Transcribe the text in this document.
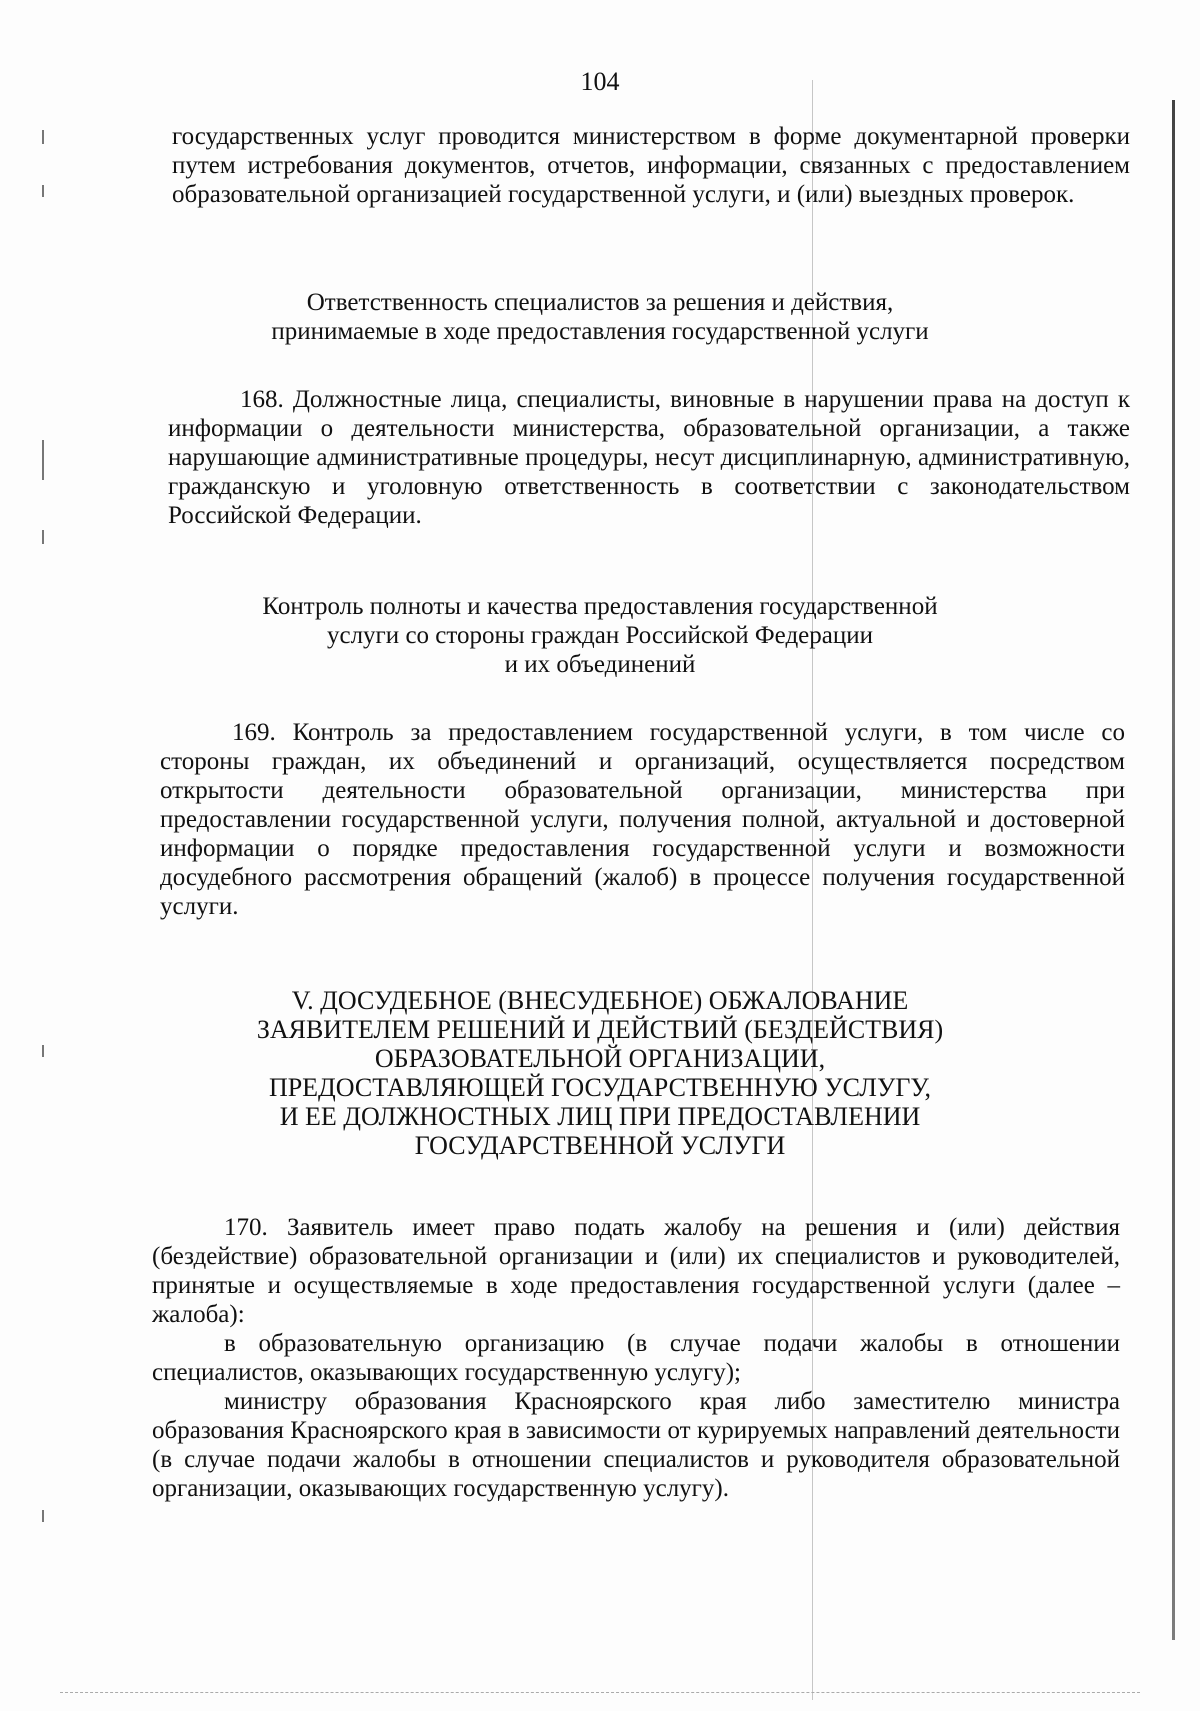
104

государственных услуг проводится министерством в форме документарной проверки путем истребования документов, отчетов, информации, связанных с предоставлением образовательной организацией государственной услуги, и (или) выездных проверок.

Ответственность специалистов за решения и действия,
принимаемые в ходе предоставления государственной услуги

168. Должностные лица, специалисты, виновные в нарушении права на доступ к информации о деятельности министерства, образовательной организации, а также нарушающие административные процедуры, несут дисциплинарную, административную, гражданскую и уголовную ответственность в соответствии с законодательством Российской Федерации.

Контроль полноты и качества предоставления государственной
услуги со стороны граждан Российской Федерации
и их объединений

169. Контроль за предоставлением государственной услуги, в том числе со стороны граждан, их объединений и организаций, осуществляется посредством открытости деятельности образовательной организации, министерства при предоставлении государственной услуги, получения полной, актуальной и достоверной информации о порядке предоставления государственной услуги и возможности досудебного рассмотрения обращений (жалоб) в процессе получения государственной услуги.

V. ДОСУДЕБНОЕ (ВНЕСУДЕБНОЕ) ОБЖАЛОВАНИЕ
ЗАЯВИТЕЛЕМ РЕШЕНИЙ И ДЕЙСТВИЙ (БЕЗДЕЙСТВИЯ)
ОБРАЗОВАТЕЛЬНОЙ ОРГАНИЗАЦИИ,
ПРЕДОСТАВЛЯЮЩЕЙ ГОСУДАРСТВЕННУЮ УСЛУГУ,
И ЕЕ ДОЛЖНОСТНЫХ ЛИЦ ПРИ ПРЕДОСТАВЛЕНИИ
ГОСУДАРСТВЕННОЙ УСЛУГИ

170. Заявитель имеет право подать жалобу на решения и (или) действия (бездействие) образовательной организации и (или) их специалистов и руководителей, принятые и осуществляемые в ходе предоставления государственной услуги (далее – жалоба):

в образовательную организацию (в случае подачи жалобы в отношении специалистов, оказывающих государственную услугу);

министру образования Красноярского края либо заместителю министра образования Красноярского края в зависимости от курируемых направлений деятельности (в случае подачи жалобы в отношении специалистов и руководителя образовательной организации, оказывающих государственную услугу).
